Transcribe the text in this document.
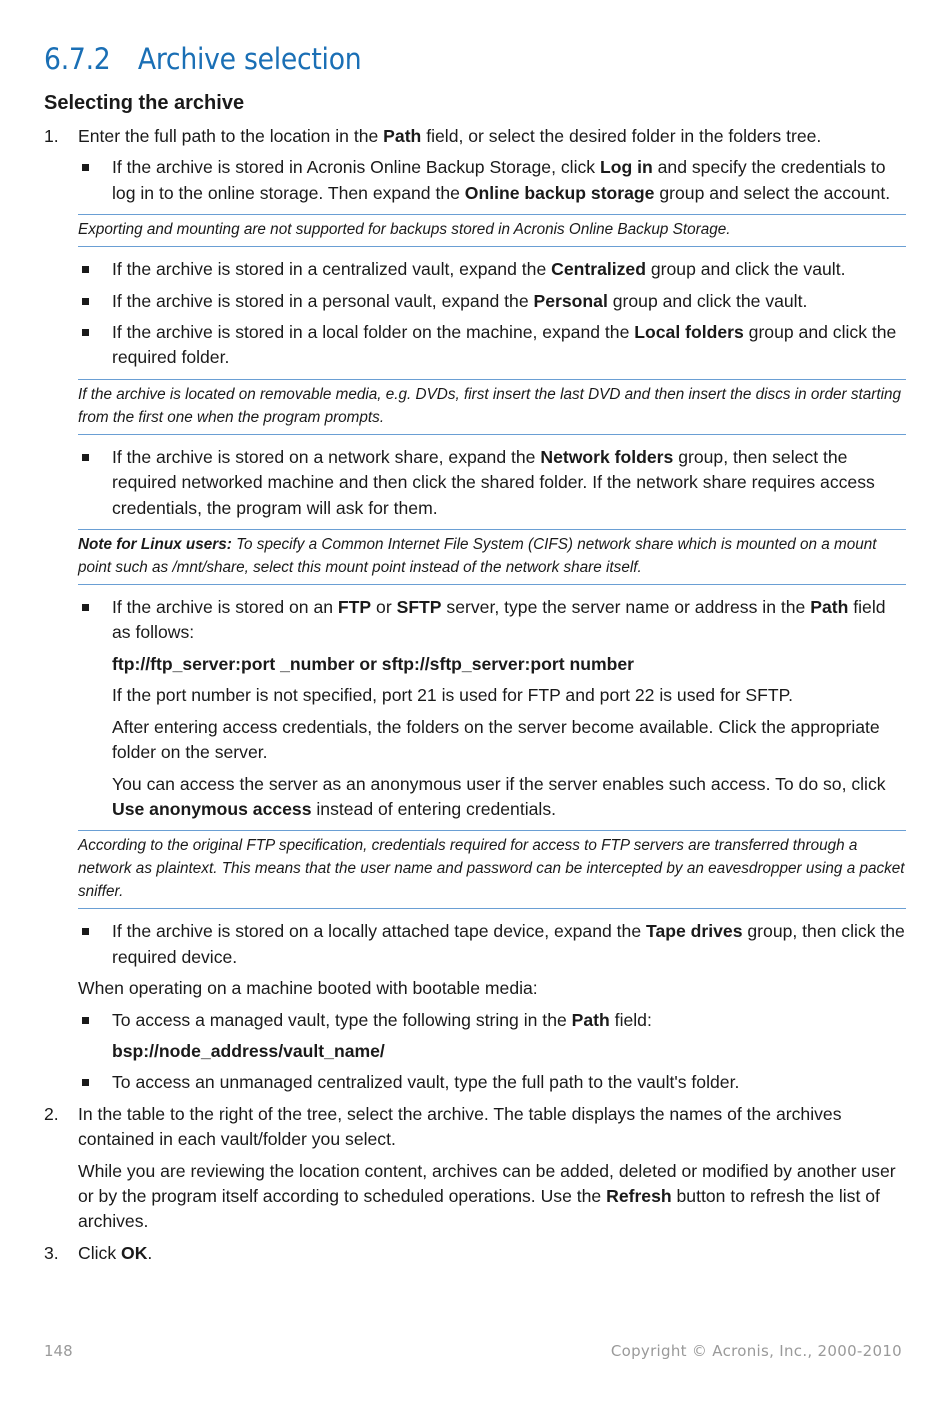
6.7.2 Archive selection
Selecting the archive

1. Enter the full path to the location in the Path field, or select the desired folder in the folders tree.

If the archive is stored in Acronis Online Backup Storage, click Log in and specify the credentials to log in to the online storage. Then expand the Online backup storage group and select the account.

Exporting and mounting are not supported for backups stored in Acronis Online Backup Storage.

If the archive is stored in a centralized vault, expand the Centralized group and click the vault.

If the archive is stored in a personal vault, expand the Personal group and click the vault.

If the archive is stored in a local folder on the machine, expand the Local folders group and click the required folder.

If the archive is located on removable media, e.g. DVDs, first insert the last DVD and then insert the discs in order starting from the first one when the program prompts.

If the archive is stored on a network share, expand the Network folders group, then select the required networked machine and then click the shared folder. If the network share requires access credentials, the program will ask for them.

Note for Linux users: To specify a Common Internet File System (CIFS) network share which is mounted on a mount point such as /mnt/share, select this mount point instead of the network share itself.

If the archive is stored on an FTP or SFTP server, type the server name or address in the Path field as follows:

ftp://ftp_server:port _number or sftp://sftp_server:port number

If the port number is not specified, port 21 is used for FTP and port 22 is used for SFTP.

After entering access credentials, the folders on the server become available. Click the appropriate folder on the server.

You can access the server as an anonymous user if the server enables such access. To do so, click Use anonymous access instead of entering credentials.

According to the original FTP specification, credentials required for access to FTP servers are transferred through a network as plaintext. This means that the user name and password can be intercepted by an eavesdropper using a packet sniffer.

If the archive is stored on a locally attached tape device, expand the Tape drives group, then click the required device.

When operating on a machine booted with bootable media:

To access a managed vault, type the following string in the Path field:

bsp://node_address/vault_name/

To access an unmanaged centralized vault, type the full path to the vault's folder.

2. In the table to the right of the tree, select the archive. The table displays the names of the archives contained in each vault/folder you select.

While you are reviewing the location content, archives can be added, deleted or modified by another user or by the program itself according to scheduled operations. Use the Refresh button to refresh the list of archives.

3. Click OK.

148	Copyright © Acronis, Inc., 2000-2010
